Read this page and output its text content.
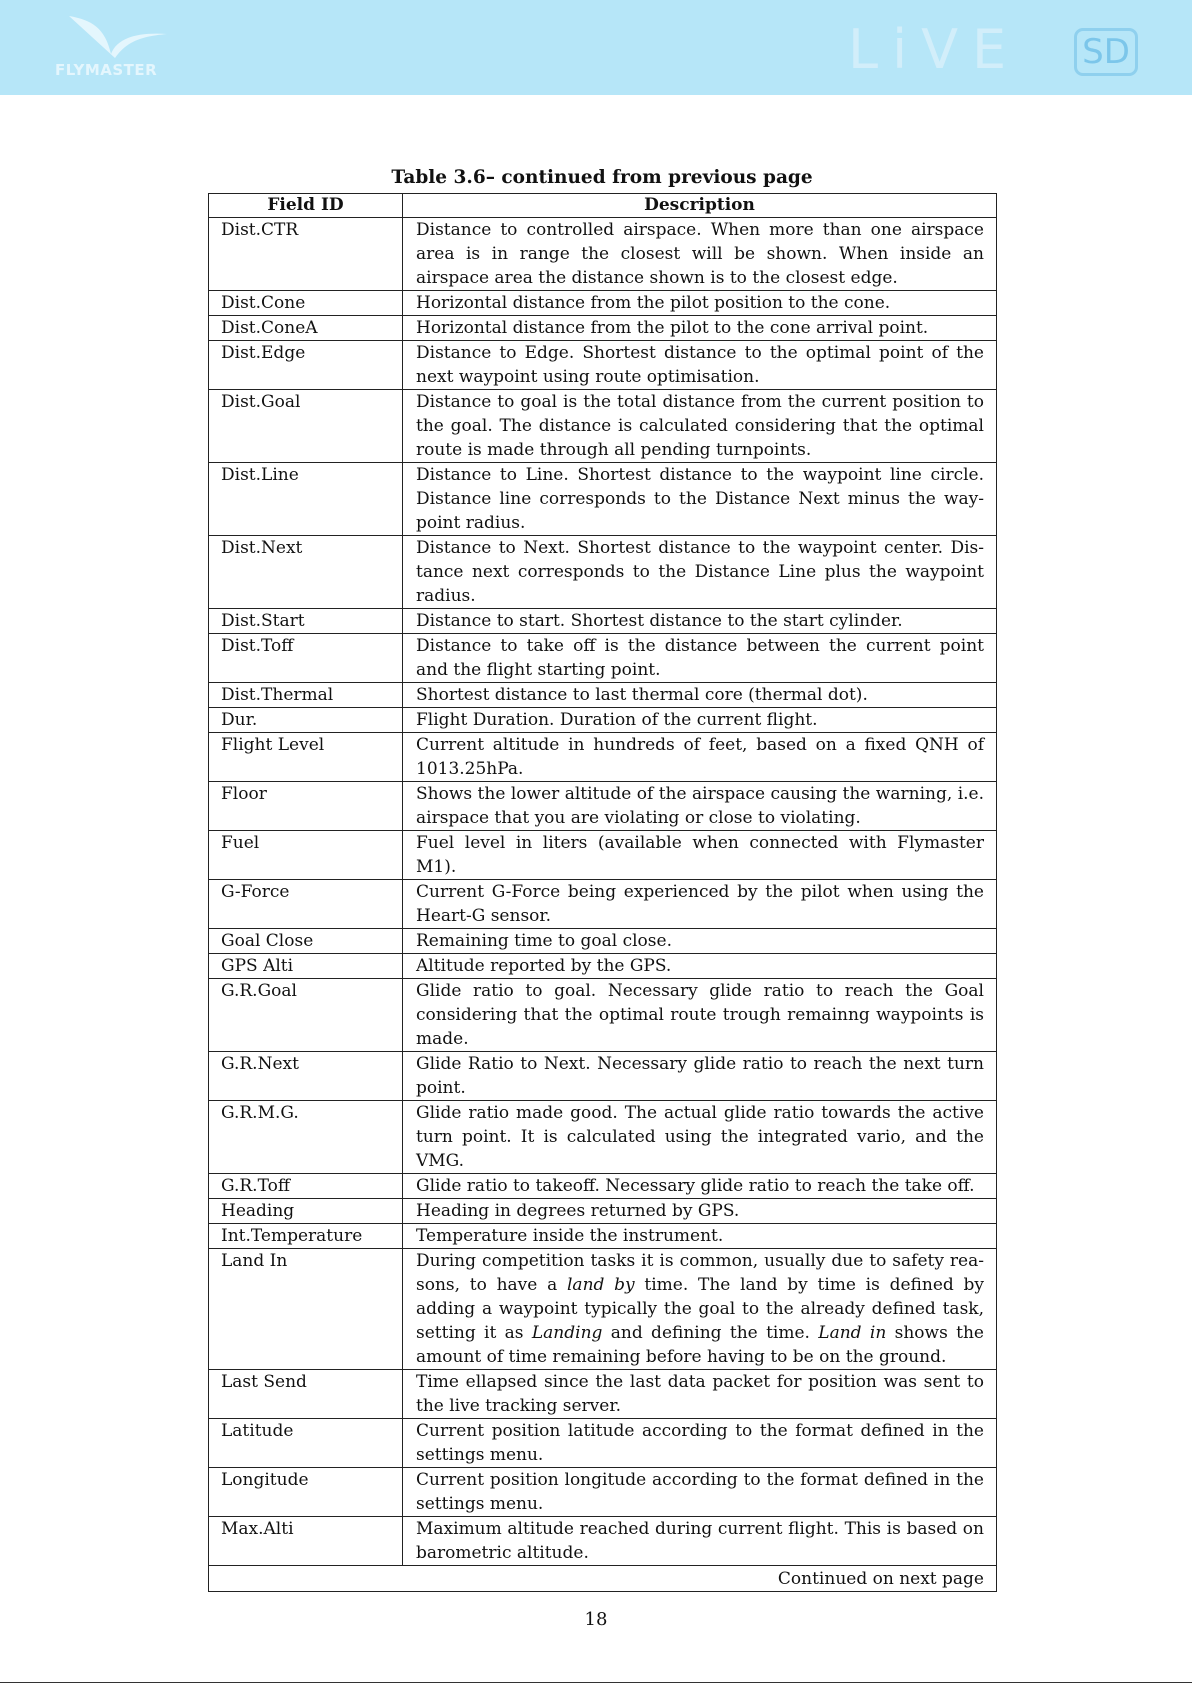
FLYMASTER	LiVE SD
Table 3.6– continued from previous page
Field ID	Description
Dist.CTR	Distance to controlled airspace. When more than one airspace area is in range the closest will be shown. When inside an airspace area the distance shown is to the closest edge.
Dist.Cone	Horizontal distance from the pilot position to the cone.
Dist.ConeA	Horizontal distance from the pilot to the cone arrival point.
Dist.Edge	Distance to Edge. Shortest distance to the optimal point of the next waypoint using route optimisation.
Dist.Goal	Distance to goal is the total distance from the current position to the goal. The distance is calculated considering that the optimal route is made through all pending turnpoints.
Dist.Line	Distance to Line. Shortest distance to the waypoint line circle. Distance line corresponds to the Distance Next minus the waypoint radius.
Dist.Next	Distance to Next. Shortest distance to the waypoint center. Distance next corresponds to the Distance Line plus the waypoint radius.
Dist.Start	Distance to start. Shortest distance to the start cylinder.
Dist.Toff	Distance to take off is the distance between the current point and the flight starting point.
Dist.Thermal	Shortest distance to last thermal core (thermal dot).
Dur.	Flight Duration. Duration of the current flight.
Flight Level	Current altitude in hundreds of feet, based on a fixed QNH of 1013.25hPa.
Floor	Shows the lower altitude of the airspace causing the warning, i.e. airspace that you are violating or close to violating.
Fuel	Fuel level in liters (available when connected with Flymaster M1).
G-Force	Current G-Force being experienced by the pilot when using the Heart-G sensor.
Goal Close	Remaining time to goal close.
GPS Alti	Altitude reported by the GPS.
G.R.Goal	Glide ratio to goal. Necessary glide ratio to reach the Goal considering that the optimal route trough remainng waypoints is made.
G.R.Next	Glide Ratio to Next. Necessary glide ratio to reach the next turn point.
G.R.M.G.	Glide ratio made good. The actual glide ratio towards the active turn point. It is calculated using the integrated vario, and the VMG.
G.R.Toff	Glide ratio to takeoff. Necessary glide ratio to reach the take off.
Heading	Heading in degrees returned by GPS.
Int.Temperature	Temperature inside the instrument.
Land In	During competition tasks it is common, usually due to safety reasons, to have a land by time. The land by time is defined by adding a waypoint typically the goal to the already defined task, setting it as Landing and defining the time. Land in shows the amount of time remaining before having to be on the ground.
Last Send	Time ellapsed since the last data packet for position was sent to the live tracking server.
Latitude	Current position latitude according to the format defined in the settings menu.
Longitude	Current position longitude according to the format defined in the settings menu.
Max.Alti	Maximum altitude reached during current flight. This is based on barometric altitude.
Continued on next page	
18
